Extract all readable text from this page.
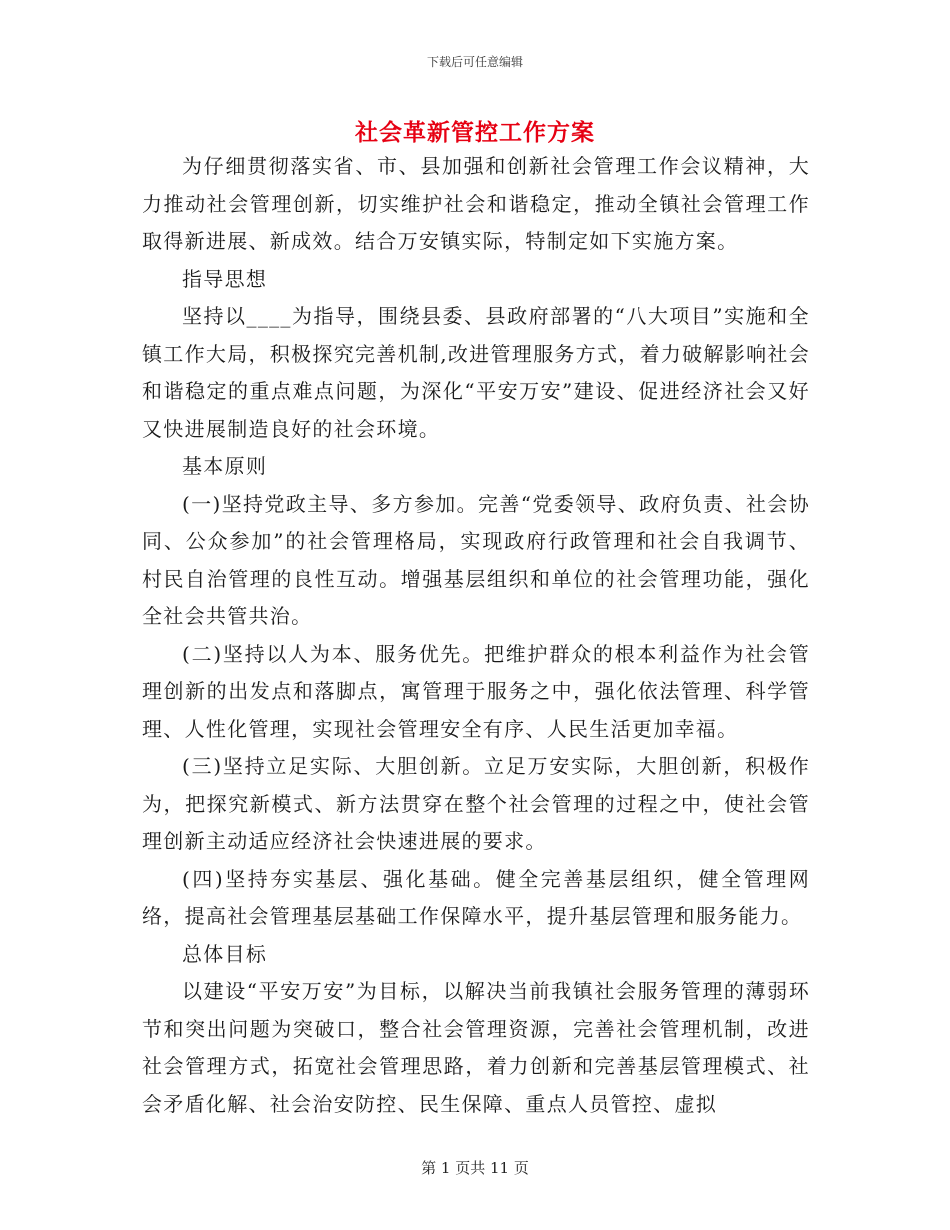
下载后可任意编辑
社会革新管控工作方案

为仔细贯彻落实省、市、县加强和创新社会管理工作会议精神，大力推动社会管理创新，切实维护社会和谐稳定，推动全镇社会管理工作取得新进展、新成效。结合万安镇实际，特制定如下实施方案。

指导思想

坚持以____为指导，围绕县委、县政府部署的“八大项目”实施和全镇工作大局，积极探究完善机制,改进管理服务方式，着力破解影响社会和谐稳定的重点难点问题，为深化“平安万安”建设、促进经济社会又好又快进展制造良好的社会环境。

基本原则

(一)坚持党政主导、多方参加。完善“党委领导、政府负责、社会协同、公众参加”的社会管理格局，实现政府行政管理和社会自我调节、村民自治管理的良性互动。增强基层组织和单位的社会管理功能，强化全社会共管共治。

(二)坚持以人为本、服务优先。把维护群众的根本利益作为社会管理创新的出发点和落脚点，寓管理于服务之中，强化依法管理、科学管理、人性化管理，实现社会管理安全有序、人民生活更加幸福。

(三)坚持立足实际、大胆创新。立足万安实际，大胆创新，积极作为，把探究新模式、新方法贯穿在整个社会管理的过程之中，使社会管理创新主动适应经济社会快速进展的要求。

(四)坚持夯实基层、强化基础。健全完善基层组织，健全管理网络，提高社会管理基层基础工作保障水平，提升基层管理和服务能力。

总体目标

以建设“平安万安”为目标，以解决当前我镇社会服务管理的薄弱环节和突出问题为突破口，整合社会管理资源，完善社会管理机制，改进社会管理方式，拓宽社会管理思路，着力创新和完善基层管理模式、社会矛盾化解、社会治安防控、民生保障、重点人员管控、虚拟

第 1 页共 11 页
